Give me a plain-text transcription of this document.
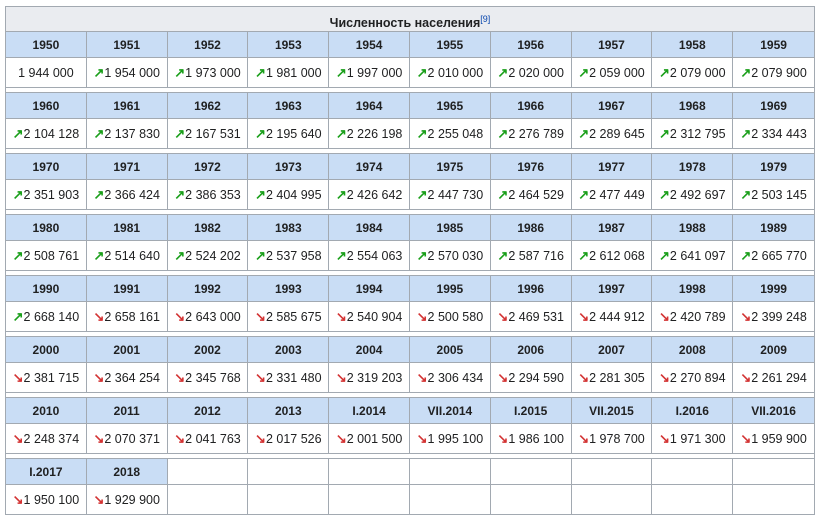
Численность населения[9]
1950	1951	1952	1953	1954	1955	1956	1957	1958	1959
1 944 000 ↗ 1 954 000 ↗ 1 973 000 ↗ 1 981 000 ↗ 1 997 000 ↗ 2 010 000 ↗ 2 020 000 ↗ 2 059 000 ↗ 2 079 000 ↗ 2 079 900
1960	1961	1962	1963	1964	1965	1966	1967	1968	1969
↗ 2 104 128 ↗ 2 137 830 ↗ 2 167 531 ↗ 2 195 640 ↗ 2 226 198 ↗ 2 255 048 ↗ 2 276 789 ↗ 2 289 645 ↗ 2 312 795 ↗ 2 334 443
1970	1971	1972	1973	1974	1975	1976	1977	1978	1979
↗ 2 351 903 ↗ 2 366 424 ↗ 2 386 353 ↗ 2 404 995 ↗ 2 426 642 ↗ 2 447 730 ↗ 2 464 529 ↗ 2 477 449 ↗ 2 492 697 ↗ 2 503 145
1980	1981	1982	1983	1984	1985	1986	1987	1988	1989
↗ 2 508 761 ↗ 2 514 640 ↗ 2 524 202 ↗ 2 537 958 ↗ 2 554 063 ↗ 2 570 030 ↗ 2 587 716 ↗ 2 612 068 ↗ 2 641 097 ↗ 2 665 770
1990	1991	1992	1993	1994	1995	1996	1997	1998	1999
↗ 2 668 140 ↘ 2 658 161 ↘ 2 643 000 ↘ 2 585 675 ↘ 2 540 904 ↘ 2 500 580 ↘ 2 469 531 ↘ 2 444 912 ↘ 2 420 789 ↘ 2 399 248
2000	2001	2002	2003	2004	2005	2006	2007	2008	2009
↘ 2 381 715 ↘ 2 364 254 ↘ 2 345 768 ↘ 2 331 480 ↘ 2 319 203 ↘ 2 306 434 ↘ 2 294 590 ↘ 2 281 305 ↘ 2 270 894 ↘ 2 261 294
2010	2011	2012	2013	I.2014	VII.2014	I.2015	VII.2015	I.2016	VII.2016
↘ 2 248 374 ↘ 2 070 371 ↘ 2 041 763 ↘ 2 017 526 ↘ 2 001 500 ↘ 1 995 100 ↘ 1 986 100 ↘ 1 978 700 ↘ 1 971 300 ↘ 1 959 900
I.2017	2018
↘ 1 950 100 ↘ 1 929 900
